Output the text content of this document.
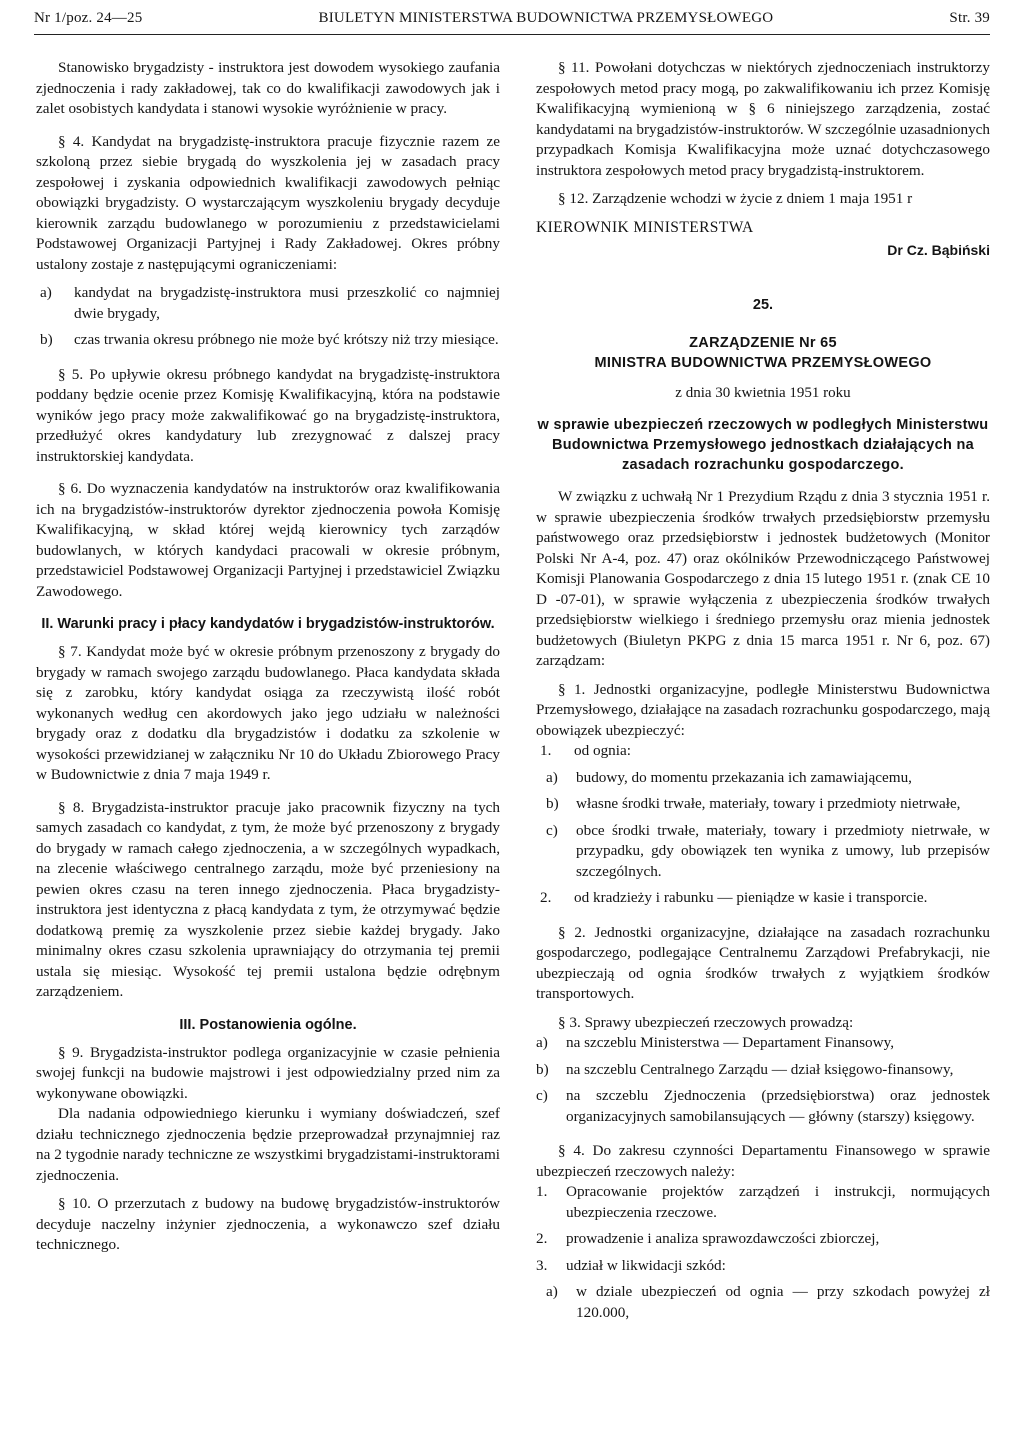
Nr 1/poz. 24—25	BIULETYN MINISTERSTWA BUDOWNICTWA PRZEMYSŁOWEGO	Str. 39

Stanowisko brygadzisty - instruktora jest dowodem wysokiego zaufania zjednoczenia i rady zakładowej, tak co do kwalifikacji zawodowych jak i zalet osobistych kandydata i stanowi wysokie wyróżnienie w pracy.

§ 4. Kandydat na brygadzistę-instruktora pracuje fizycznie razem ze szkoloną przez siebie brygadą do wyszkolenia jej w zasadach pracy zespołowej i zyskania odpowiednich kwalifikacji zawodowych pełniąc obowiązki brygadzisty. O wystarczającym wyszkoleniu brygady decyduje kierownik zarządu budowlanego w porozumieniu z przedstawicielami Podstawowej Organizacji Partyjnej i Rady Zakładowej. Okres próbny ustalony zostaje z następującymi ograniczeniami:

a)	kandydat na brygadzistę-instruktora musi przeszkolić co najmniej dwie brygady,
b)	czas trwania okresu próbnego nie może być krótszy niż trzy miesiące.

§ 5. Po upływie okresu próbnego kandydat na brygadzistę-instruktora poddany będzie ocenie przez Komisję Kwalifikacyjną, która na podstawie wyników jego pracy może zakwalifikować go na brygadzistę-instruktora, przedłużyć okres kandydatury lub zrezygnować z dalszej pracy instruktorskiej kandydata.

§ 6. Do wyznaczenia kandydatów na instruktorów oraz kwalifikowania ich na brygadzistów-instruktorów dyrektor zjednoczenia powoła Komisję Kwalifikacyjną, w skład której wejdą kierownicy tych zarządów budowlanych, w których kandydaci pracowali w okresie próbnym, przedstawiciel Podstawowej Organizacji Partyjnej i przedstawiciel Związku Zawodowego.

II. Warunki pracy i płacy kandydatów i brygadzistów-instruktorów.

§ 7. Kandydat może być w okresie próbnym przenoszony z brygady do brygady w ramach swojego zarządu budowlanego. Płaca kandydata składa się z zarobku, który kandydat osiąga za rzeczywistą ilość robót wykonanych według cen akordowych jako jego udziału w należności brygady oraz z dodatku dla brygadzistów i dodatku za szkolenie w wysokości przewidzianej w załączniku Nr 10 do Układu Zbiorowego Pracy w Budownictwie z dnia 7 maja 1949 r.

§ 8. Brygadzista-instruktor pracuje jako pracownik fizyczny na tych samych zasadach co kandydat, z tym, że może być przenoszony z brygady do brygady w ramach całego zjednoczenia, a w szczególnych wypadkach, na zlecenie właściwego centralnego zarządu, może być przeniesiony na pewien okres czasu na teren innego zjednoczenia. Płaca brygadzisty-instruktora jest identyczna z płacą kandydata z tym, że otrzymywać będzie dodatkową premię za wyszkolenie przez siebie każdej brygady. Jako minimalny okres czasu szkolenia uprawniający do otrzymania tej premii ustala się miesiąc. Wysokość tej premii ustalona będzie odrębnym zarządzeniem.

III. Postanowienia ogólne.

§ 9. Brygadzista-instruktor podlega organizacyjnie w czasie pełnienia swojej funkcji na budowie majstrowi i jest odpowiedzialny przed nim za wykonywane obowiązki.

Dla nadania odpowiedniego kierunku i wymiany doświadczeń, szef działu technicznego zjednoczenia będzie przeprowadzał przynajmniej raz na 2 tygodnie narady techniczne ze wszystkimi brygadzistami-instruktorami zjednoczenia.

§ 10. O przerzutach z budowy na budowę brygadzistów-instruktorów decyduje naczelny inżynier zjednoczenia, a wykonawczo szef działu technicznego.

§ 11. Powołani dotychczas w niektórych zjednoczeniach instruktorzy zespołowych metod pracy mogą, po zakwalifikowaniu ich przez Komisję Kwalifikacyjną wymienioną w § 6 niniejszego zarządzenia, zostać kandydatami na brygadzistów-instruktorów. W szczególnie uzasadnionych przypadkach Komisja Kwalifikacyjna może uznać dotychczasowego instruktora zespołowych metod pracy brygadzistą-instruktorem.

§ 12. Zarządzenie wchodzi w życie z dniem 1 maja 1951 r

KIEROWNIK MINISTERSTWA
Dr Cz. Bąbiński

25.

ZARZĄDZENIE Nr 65
MINISTRA BUDOWNICTWA PRZEMYSŁOWEGO
z dnia 30 kwietnia 1951 roku
w sprawie ubezpieczeń rzeczowych w podległych Ministerstwu Budownictwa Przemysłowego jednostkach działających na zasadach rozrachunku gospodarczego.

W związku z uchwałą Nr 1 Prezydium Rządu z dnia 3 stycznia 1951 r. w sprawie ubezpieczenia środków trwałych przedsiębiorstw przemysłu państwowego oraz przedsiębiorstw i jednostek budżetowych (Monitor Polski Nr A-4, poz. 47) oraz okólników Przewodniczącego Państwowej Komisji Planowania Gospodarczego z dnia 15 lutego 1951 r. (znak CE 10 D -07-01), w sprawie wyłączenia z ubezpieczenia środków trwałych przedsiębiorstw wielkiego i średniego przemysłu oraz mienia jednostek budżetowych (Biuletyn PKPG z dnia 15 marca 1951 r. Nr 6, poz. 67) zarządzam:

§ 1. Jednostki organizacyjne, podległe Ministerstwu Budownictwa Przemysłowego, działające na zasadach rozrachunku gospodarczego, mają obowiązek ubezpieczyć:

1.	od ognia:
a)	budowy, do momentu przekazania ich zamawiającemu,
b)	własne środki trwałe, materiały, towary i przedmioty nietrwałe,
c)	obce środki trwałe, materiały, towary i przedmioty nietrwałe, w przypadku, gdy obowiązek ten wynika z umowy, lub przepisów szczególnych.
2.	od kradzieży i rabunku — pieniądze w kasie i transporcie.

§ 2. Jednostki organizacyjne, działające na zasadach rozrachunku gospodarczego, podlegające Centralnemu Zarządowi Prefabrykacji, nie ubezpieczają od ognia środków trwałych z wyjątkiem środków transportowych.

§ 3. Sprawy ubezpieczeń rzeczowych prowadzą:

a)	na szczeblu Ministerstwa — Departament Finansowy,
b)	na szczeblu Centralnego Zarządu — dział księgowo-finansowy,
c)	na szczeblu Zjednoczenia (przedsiębiorstwa) oraz jednostek organizacyjnych samobilansujących — główny (starszy) księgowy.

§ 4. Do zakresu czynności Departamentu Finansowego w sprawie ubezpieczeń rzeczowych należy:

1.	Opracowanie projektów zarządzeń i instrukcji, normujących ubezpieczenia rzeczowe.
2.	prowadzenie i analiza sprawozdawczości zbiorczej,
3.	udział w likwidacji szkód:
a)	w dziale ubezpieczeń od ognia — przy szkodach powyżej zł 120.000,
